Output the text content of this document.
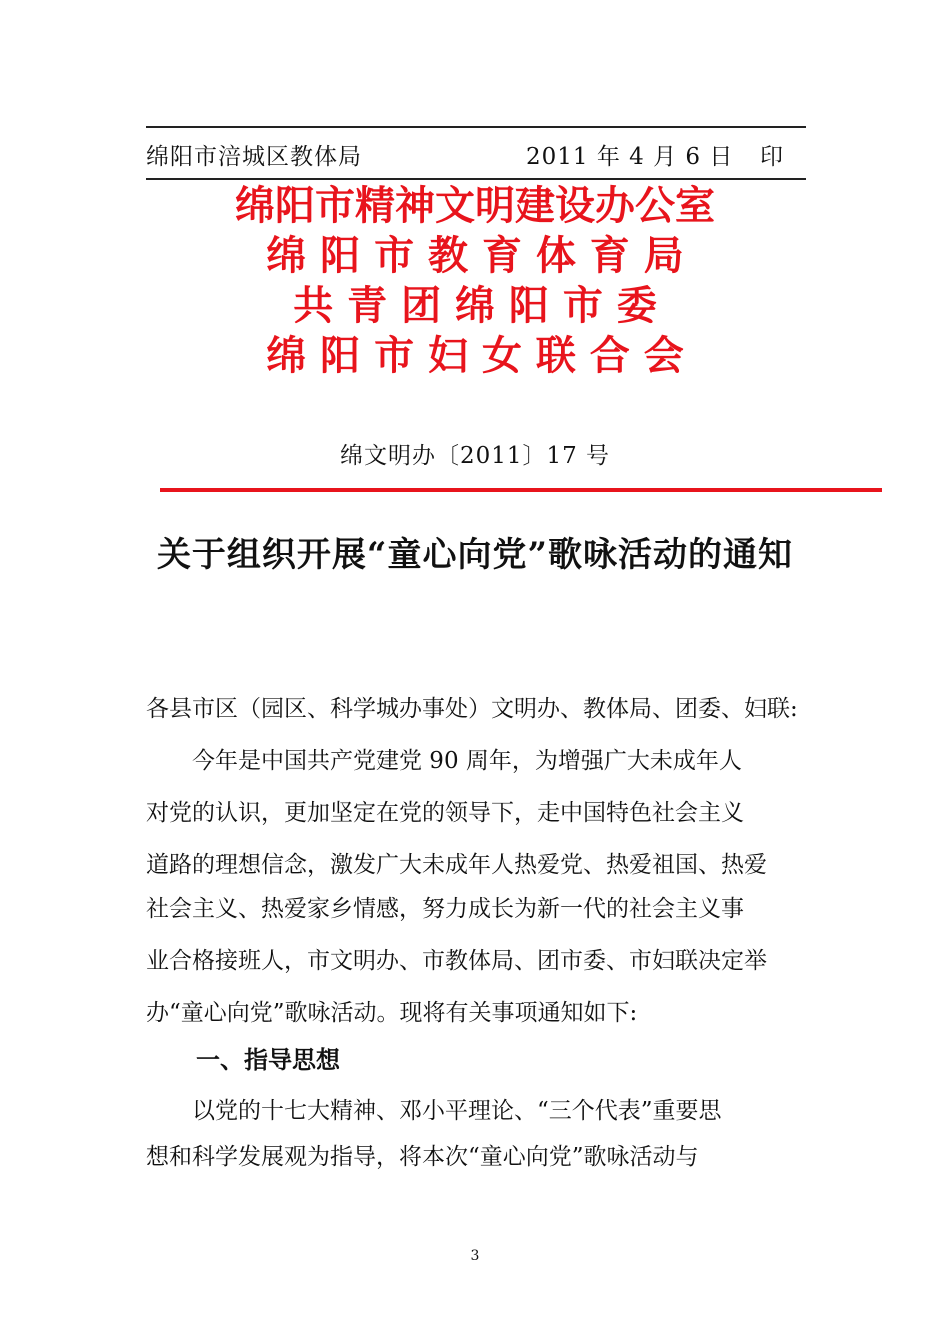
绵阳市涪城区教体局	2011 年 4 月 6 日 印
绵阳市精神文明建设办公室
绵 阳 市 教 育 体 育 局
共 青 团 绵 阳 市 委
绵 阳 市 妇 女 联 合 会
绵文明办〔2011〕17 号
关于组织开展“童心向党”歌咏活动的通知
各县市区（园区、科学城办事处）文明办、教体局、团委、妇联:
　　今年是中国共产党建党 90 周年，为增强广大未成年人
对党的认识，更加坚定在党的领导下，走中国特色社会主义
道路的理想信念，激发广大未成年人热爱党、热爱祖国、热爱
社会主义、热爱家乡情感，努力成长为新一代的社会主义事
业合格接班人，市文明办、市教体局、团市委、市妇联决定举
办“童心向党”歌咏活动。现将有关事项通知如下:
一、指导思想
　　以党的十七大精神、邓小平理论、“三个代表”重要思
想和科学发展观为指导，将本次“童心向党”歌咏活动与
3
